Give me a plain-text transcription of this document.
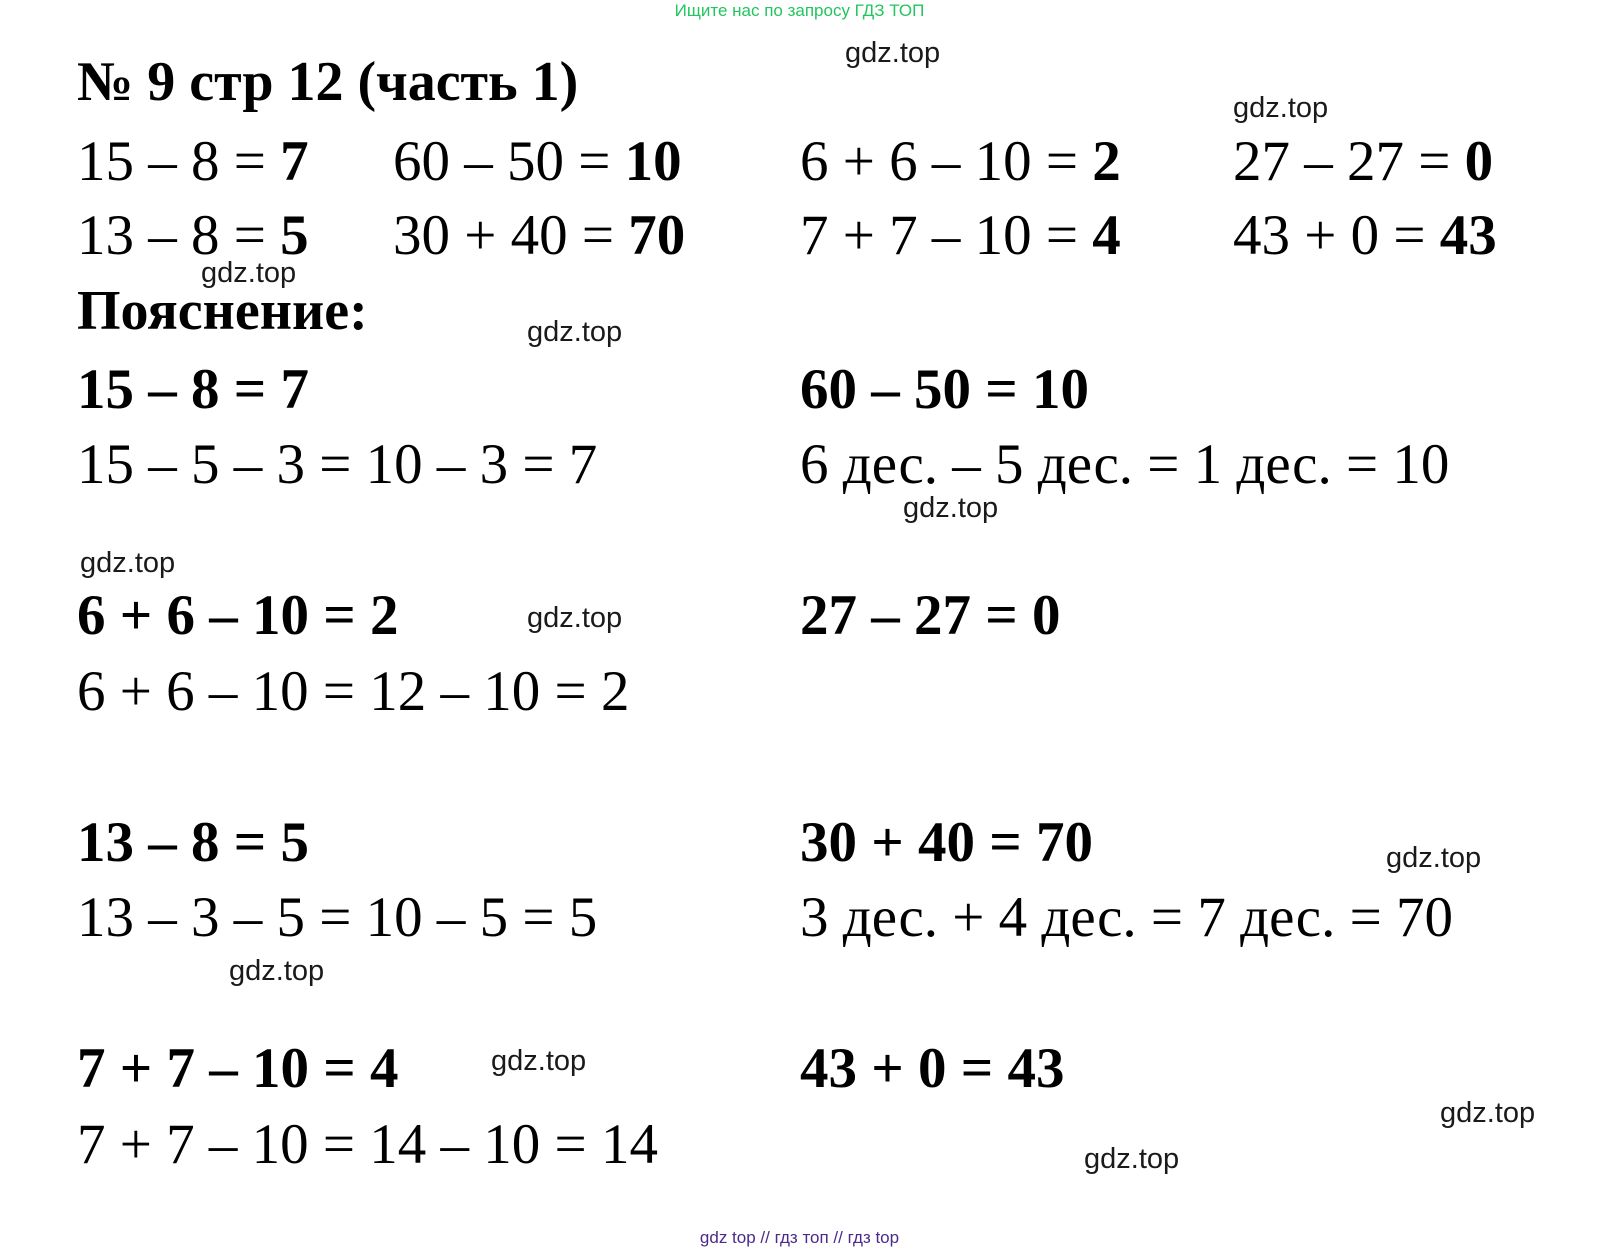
Ищите нас по запросу ГДЗ ТОП
№ 9 стр 12 (часть 1)
15 – 8 = 7 60 – 50 = 10 6 + 6 – 10 = 2 27 – 27 = 0
13 – 8 = 5 30 + 40 = 70 7 + 7 – 10 = 4 43 + 0 = 43
Пояснение:
15 – 8 = 7
15 – 5 – 3 = 10 – 3 = 7
60 – 50 = 10
6 дес. – 5 дес. = 1 дес. = 10
6 + 6 – 10 = 2
6 + 6 – 10 = 12 – 10 = 2
27 – 27 = 0
13 – 8 = 5
13 – 3 – 5 = 10 – 5 = 5
30 + 40 = 70
3 дес. + 4 дес. = 7 дес. = 70
7 + 7 – 10 = 4
7 + 7 – 10 = 14 – 10 = 14
43 + 0 = 43
gdz.top
gdz.top
gdz.top
gdz.top
gdz.top
gdz.top
gdz.top
gdz.top
gdz.top
gdz.top
gdz.top
gdz.top
gdz top // гдз топ // гдз top
